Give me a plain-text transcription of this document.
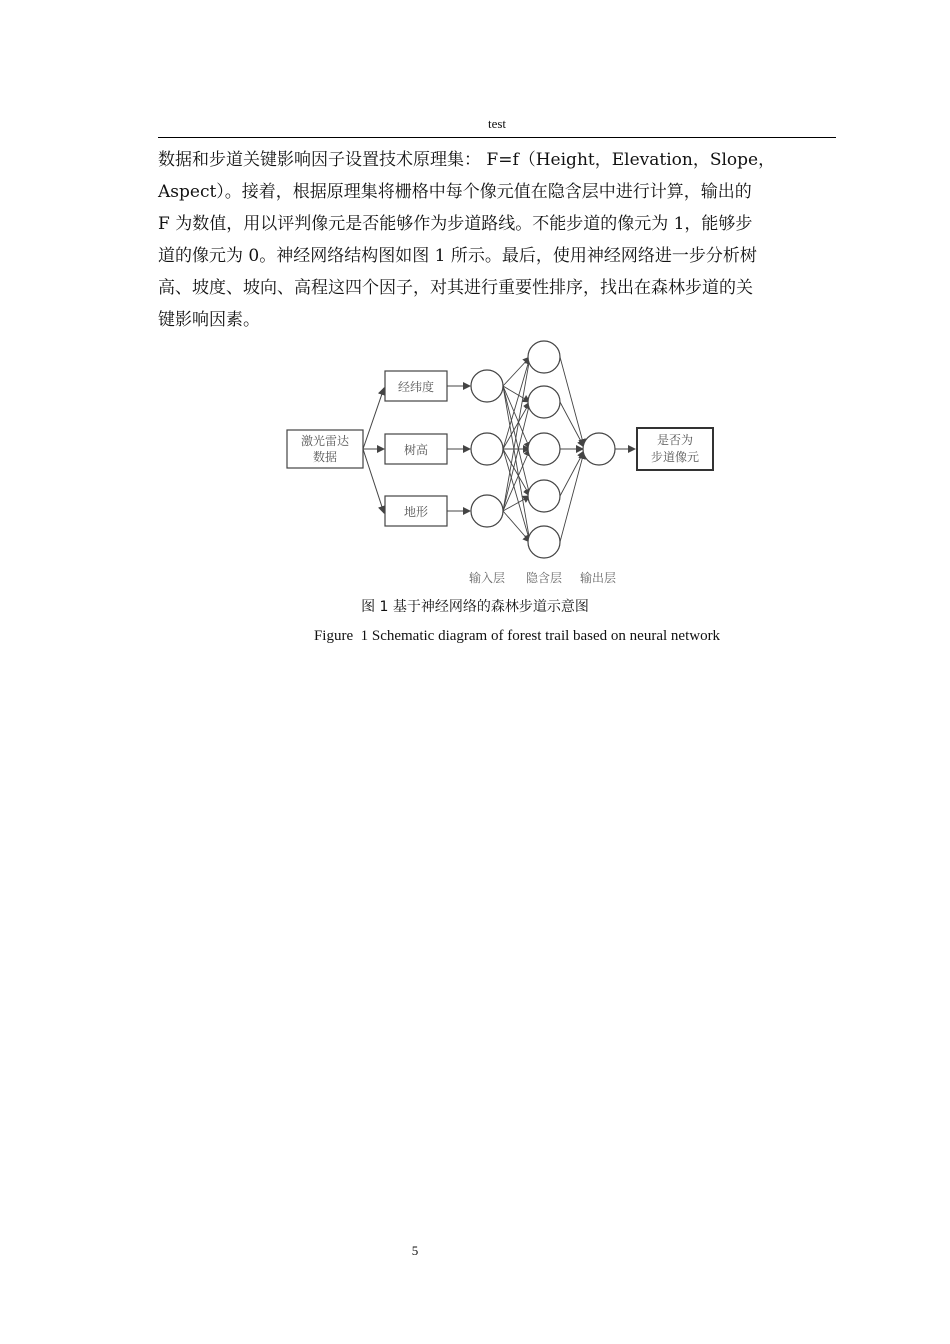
test

数据和步道关键影响因子设置技术原理集： F=f（Height，Elevation，Slope，
Aspect）。接着，根据原理集将栅格中每个像元值在隐含层中进行计算，输出的
F 为数值，用以评判像元是否能够作为步道路线。不能步道的像元为 1，能够步
道的像元为 0。神经网络结构图如图 1 所示。最后，使用神经网络进一步分析树
高、坡度、坡向、高程这四个因子，对其进行重要性排序，找出在森林步道的关
键影响因素。

激光雷达
数据
经纬度
树高
地形
是否为
步道像元
输入层 隐含层 输出层
图 1 基于神经网络的森林步道示意图
Figure  1 Schematic diagram of forest trail based on neural network
5
